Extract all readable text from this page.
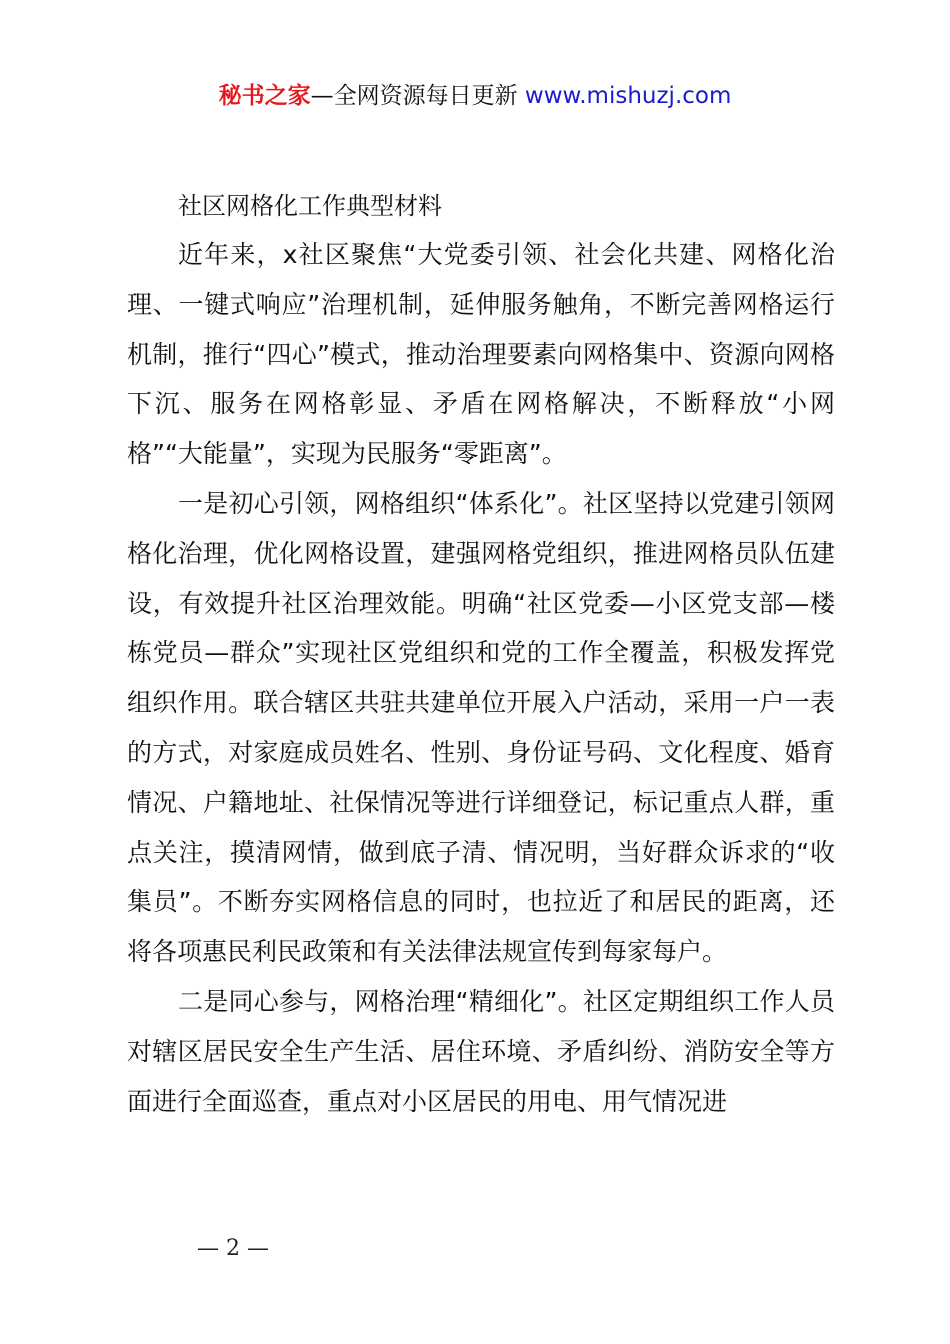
秘书之家—全网资源每日更新 www.mishuzj.com

社区网格化工作典型材料

近年来，x社区聚焦“大党委引领、社会化共建、网格化治理、一键式响应”治理机制，延伸服务触角，不断完善网格运行机制，推行“四心”模式，推动治理要素向网格集中、资源向网格下沉、服务在网格彰显、矛盾在网格解决，不断释放“小网格”“大能量”，实现为民服务“零距离”。

一是初心引领，网格组织“体系化”。社区坚持以党建引领网格化治理，优化网格设置，建强网格党组织，推进网格员队伍建设，有效提升社区治理效能。明确“社区党委—小区党支部—楼栋党员—群众”实现社区党组织和党的工作全覆盖，积极发挥党组织作用。联合辖区共驻共建单位开展入户活动，采用一户一表的方式，对家庭成员姓名、性别、身份证号码、文化程度、婚育情况、户籍地址、社保情况等进行详细登记，标记重点人群，重点关注，摸清网情，做到底子清、情况明，当好群众诉求的“收集员”。不断夯实网格信息的同时，也拉近了和居民的距离，还将各项惠民利民政策和有关法律法规宣传到每家每户。

二是同心参与，网格治理“精细化”。社区定期组织工作人员对辖区居民安全生产生活、居住环境、矛盾纠纷、消防安全等方面进行全面巡查，重点对小区居民的用电、用气情况进

— 2 —
